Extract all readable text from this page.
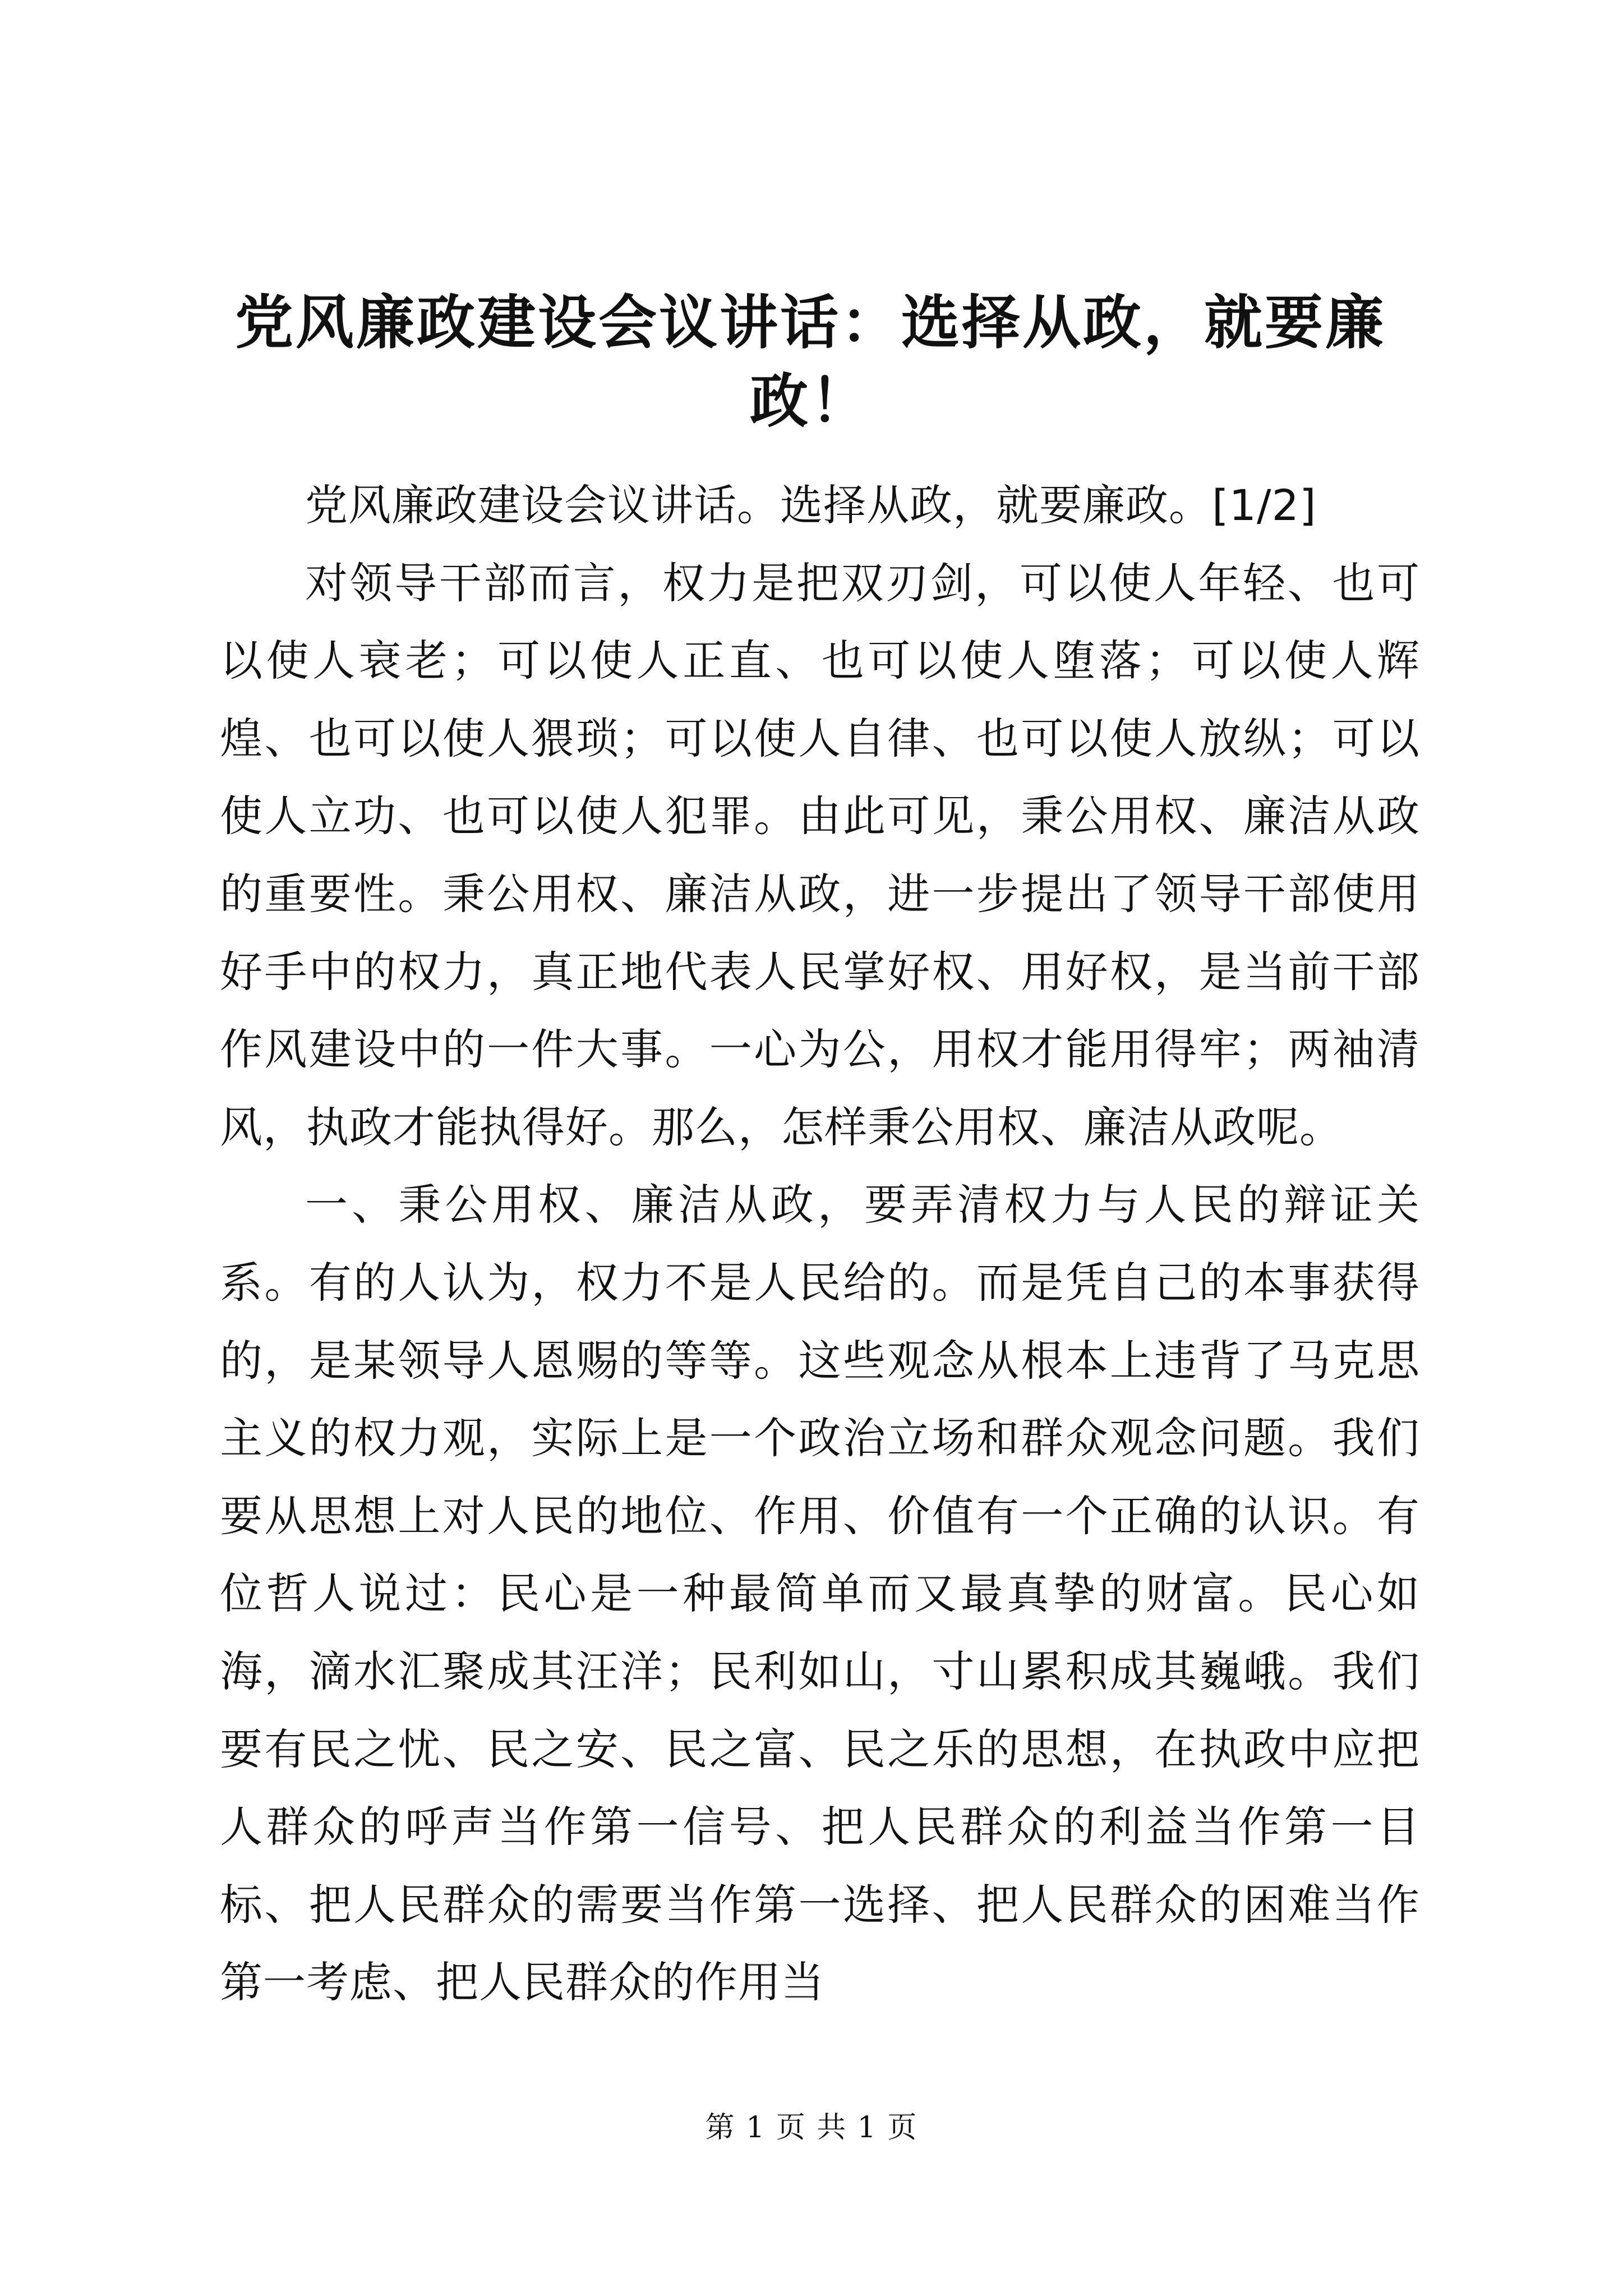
党风廉政建设会议讲话：选择从政，就要廉政！

党风廉政建设会议讲话。选择从政，就要廉政。[1/2]

对领导干部而言，权力是把双刃剑，可以使人年轻、也可以使人衰老；可以使人正直、也可以使人堕落；可以使人辉煌、也可以使人猥琐；可以使人自律、也可以使人放纵；可以使人立功、也可以使人犯罪。由此可见，秉公用权、廉洁从政的重要性。秉公用权、廉洁从政，进一步提出了领导干部使用好手中的权力，真正地代表人民掌好权、用好权，是当前干部作风建设中的一件大事。一心为公，用权才能用得牢；两袖清风，执政才能执得好。那么，怎样秉公用权、廉洁从政呢。

一、秉公用权、廉洁从政，要弄清权力与人民的辩证关系。有的人认为，权力不是人民给的。而是凭自己的本事获得的，是某领导人恩赐的等等。这些观念从根本上违背了马克思主义的权力观，实际上是一个政治立场和群众观念问题。我们要从思想上对人民的地位、作用、价值有一个正确的认识。有位哲人说过：民心是一种最简单而又最真挚的财富。民心如海，滴水汇聚成其汪洋；民利如山，寸山累积成其巍峨。我们要有民之忧、民之安、民之富、民之乐的思想，在执政中应把人群众的呼声当作第一信号、把人民群众的利益当作第一目标、把人民群众的需要当作第一选择、把人民群众的困难当作第一考虑、把人民群众的作用当

第 1 页 共 1 页
